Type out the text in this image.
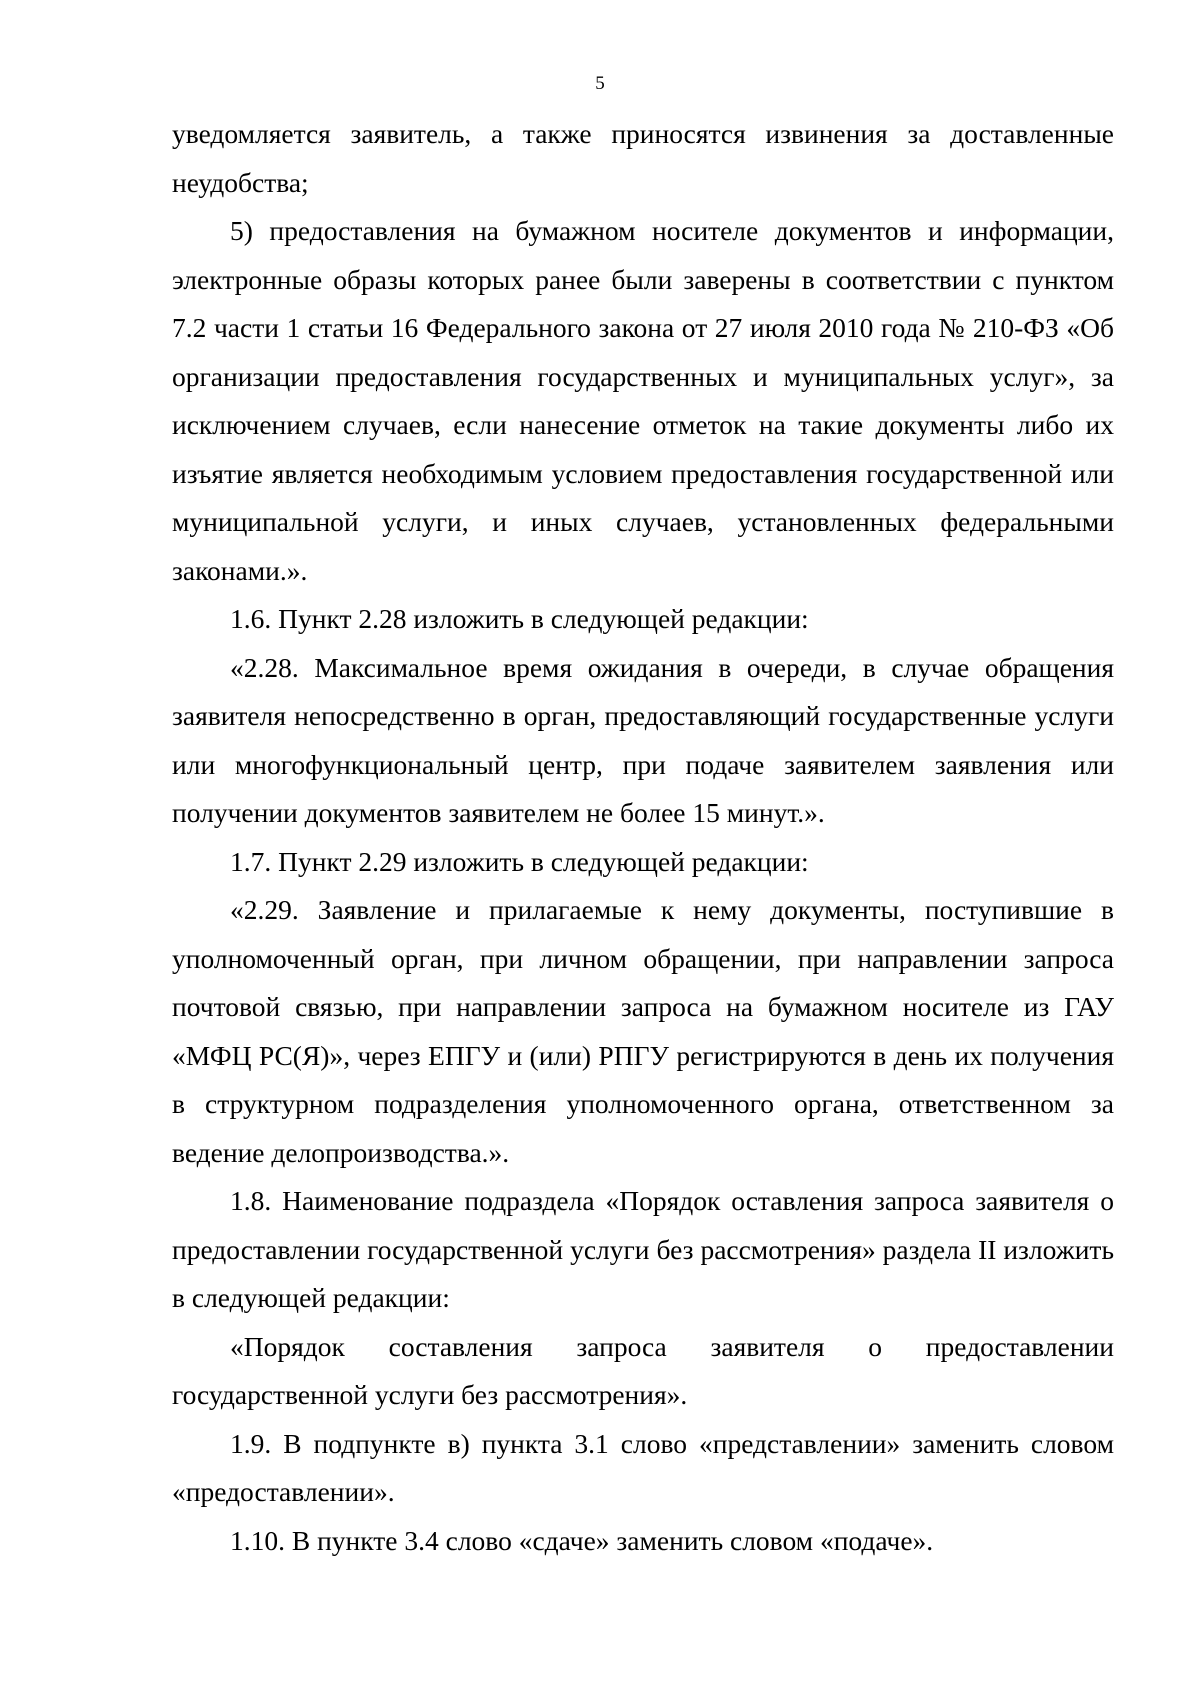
5

уведомляется заявитель, а также приносятся извинения за доставленные неудобства;

5) предоставления на бумажном носителе документов и информации, электронные образы которых ранее были заверены в соответствии с пунктом 7.2 части 1 статьи 16 Федерального закона от 27 июля 2010 года № 210-ФЗ «Об организации предоставления государственных и муниципальных услуг», за исключением случаев, если нанесение отметок на такие документы либо их изъятие является необходимым условием предоставления государственной или муниципальной услуги, и иных случаев, установленных федеральными законами.».

1.6. Пункт 2.28 изложить в следующей редакции:

«2.28. Максимальное время ожидания в очереди, в случае обращения заявителя непосредственно в орган, предоставляющий государственные услуги или многофункциональный центр, при подаче заявителем заявления или получении документов заявителем не более 15 минут.».

1.7. Пункт 2.29 изложить в следующей редакции:

«2.29. Заявление и прилагаемые к нему документы, поступившие в уполномоченный орган, при личном обращении, при направлении запроса почтовой связью, при направлении запроса на бумажном носителе из ГАУ «МФЦ РС(Я)», через ЕПГУ и (или) РПГУ регистрируются в день их получения в структурном подразделения уполномоченного органа, ответственном за ведение делопроизводства.».

1.8. Наименование подраздела «Порядок оставления запроса заявителя о предоставлении государственной услуги без рассмотрения» раздела II изложить в следующей редакции:

«Порядок составления запроса заявителя о предоставлении государственной услуги без рассмотрения».

1.9. В подпункте в) пункта 3.1 слово «представлении» заменить словом «предоставлении».

1.10. В пункте 3.4 слово «сдаче» заменить словом «подаче».
